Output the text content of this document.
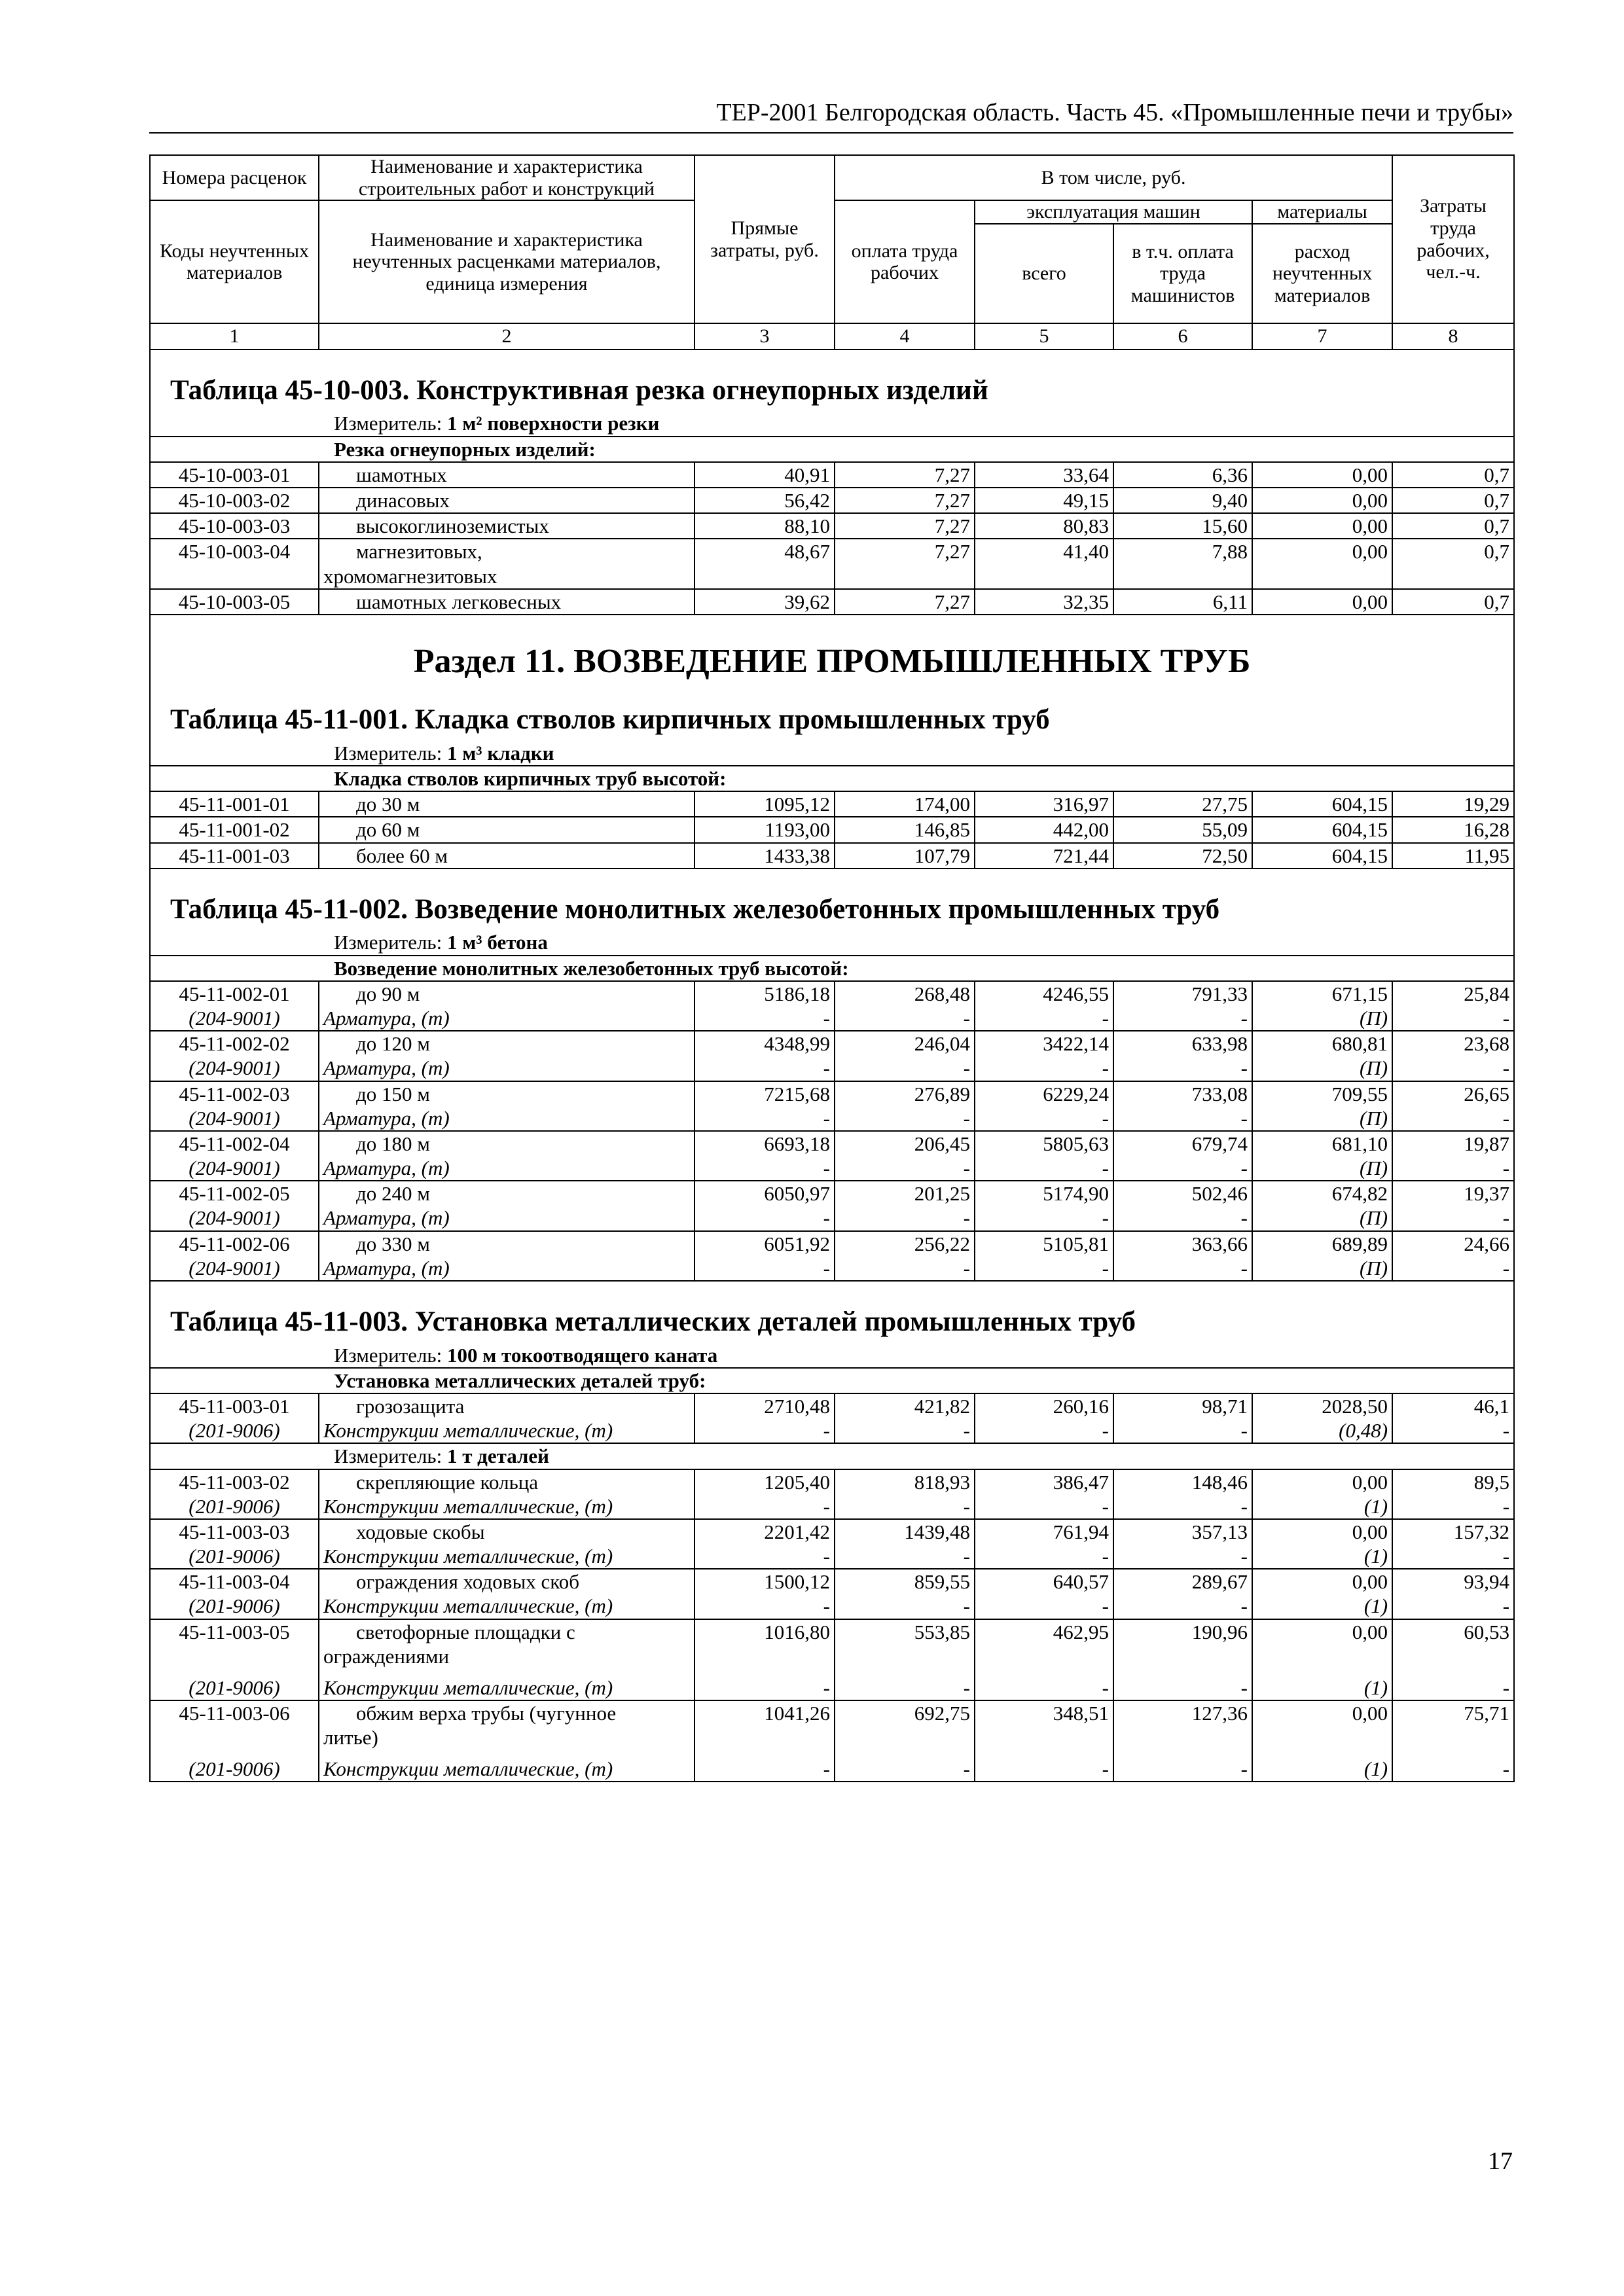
ТЕР-2001 Белгородская область. Часть 45. «Промышленные печи и трубы»
Номера расценок	Наименование и характеристика строительных работ и конструкций	Прямые затраты, руб.	В том числе, руб.				Затраты труда рабочих, чел.-ч.
Коды неучтенных материалов	Наименование и характеристика неучтенных расценками материалов, единица измерения		оплата труда рабочих	эксплуатация машин		материалы	
				всего	в т.ч. оплата труда машинистов	расход неучтенных материалов	
1	2	3	4	5	6	7	8

Таблица 45-10-003. Конструктивная резка огнеупорных изделий							
Измеритель: 1 м² поверхности резки							
Резка огнеупорных изделий:							
45-10-003-01	шамотных	40,91	7,27	33,64	6,36	0,00	0,7
45-10-003-02	динасовых	56,42	7,27	49,15	9,40	0,00	0,7
45-10-003-03	высокоглиноземистых	88,10	7,27	80,83	15,60	0,00	0,7
45-10-003-04	магнезитовых,
хромомагнезитовых	48,67	7,27	41,40	7,88	0,00	0,7
45-10-003-05	шамотных легковесных	39,62	7,27	32,35	6,11	0,00	0,7

Раздел 11. ВОЗВЕДЕНИЕ ПРОМЫШЛЕННЫХ ТРУБ							
Таблица 45-11-001. Кладка стволов кирпичных промышленных труб							
Измеритель: 1 м³ кладки							
Кладка стволов кирпичных труб высотой:							
45-11-001-01	до 30 м	1095,12	174,00	316,97	27,75	604,15	19,29
45-11-001-02	до 60 м	1193,00	146,85	442,00	55,09	604,15	16,28
45-11-001-03	более 60 м	1433,38	107,79	721,44	72,50	604,15	11,95

Таблица 45-11-002. Возведение монолитных железобетонных промышленных труб							
Измеритель: 1 м³ бетона							
Возведение монолитных железобетонных труб высотой:							
45-11-002-01	до 90 м	5186,18	268,48	4246,55	791,33	671,15	25,84
(204-9001)	Арматура, (т)	-	-	-	-	(П)	-
45-11-002-02	до 120 м	4348,99	246,04	3422,14	633,98	680,81	23,68
(204-9001)	Арматура, (т)	-	-	-	-	(П)	-
45-11-002-03	до 150 м	7215,68	276,89	6229,24	733,08	709,55	26,65
(204-9001)	Арматура, (т)	-	-	-	-	(П)	-
45-11-002-04	до 180 м	6693,18	206,45	5805,63	679,74	681,10	19,87
(204-9001)	Арматура, (т)	-	-	-	-	(П)	-
45-11-002-05	до 240 м	6050,97	201,25	5174,90	502,46	674,82	19,37
(204-9001)	Арматура, (т)	-	-	-	-	(П)	-
45-11-002-06	до 330 м	6051,92	256,22	5105,81	363,66	689,89	24,66
(204-9001)	Арматура, (т)	-	-	-	-	(П)	-

Таблица 45-11-003. Установка металлических деталей промышленных труб							
Измеритель: 100 м токоотводящего каната							
Установка металлических деталей труб:							
45-11-003-01	грозозащита	2710,48	421,82	260,16	98,71	2028,50	46,1
(201-9006)	Конструкции металлические, (т)	-	-	-	-	(0,48)	-
Измеритель: 1 т деталей							
45-11-003-02	скрепляющие кольца	1205,40	818,93	386,47	148,46	0,00	89,5
(201-9006)	Конструкции металлические, (т)	-	-	-	-	(1)	-
45-11-003-03	ходовые скобы	2201,42	1439,48	761,94	357,13	0,00	157,32
(201-9006)	Конструкции металлические, (т)	-	-	-	-	(1)	-
45-11-003-04	ограждения ходовых скоб	1500,12	859,55	640,57	289,67	0,00	93,94
(201-9006)	Конструкции металлические, (т)	-	-	-	-	(1)	-
45-11-003-05	светофорные площадки с
ограждениями	1016,80	553,85	462,95	190,96	0,00	60,53
(201-9006)	Конструкции металлические, (т)	-	-	-	-	(1)	-
45-11-003-06	обжим верха трубы (чугунное
литье)	1041,26	692,75	348,51	127,36	0,00	75,71
(201-9006)	Конструкции металлические, (т)	-	-	-	-	(1)	-
17
